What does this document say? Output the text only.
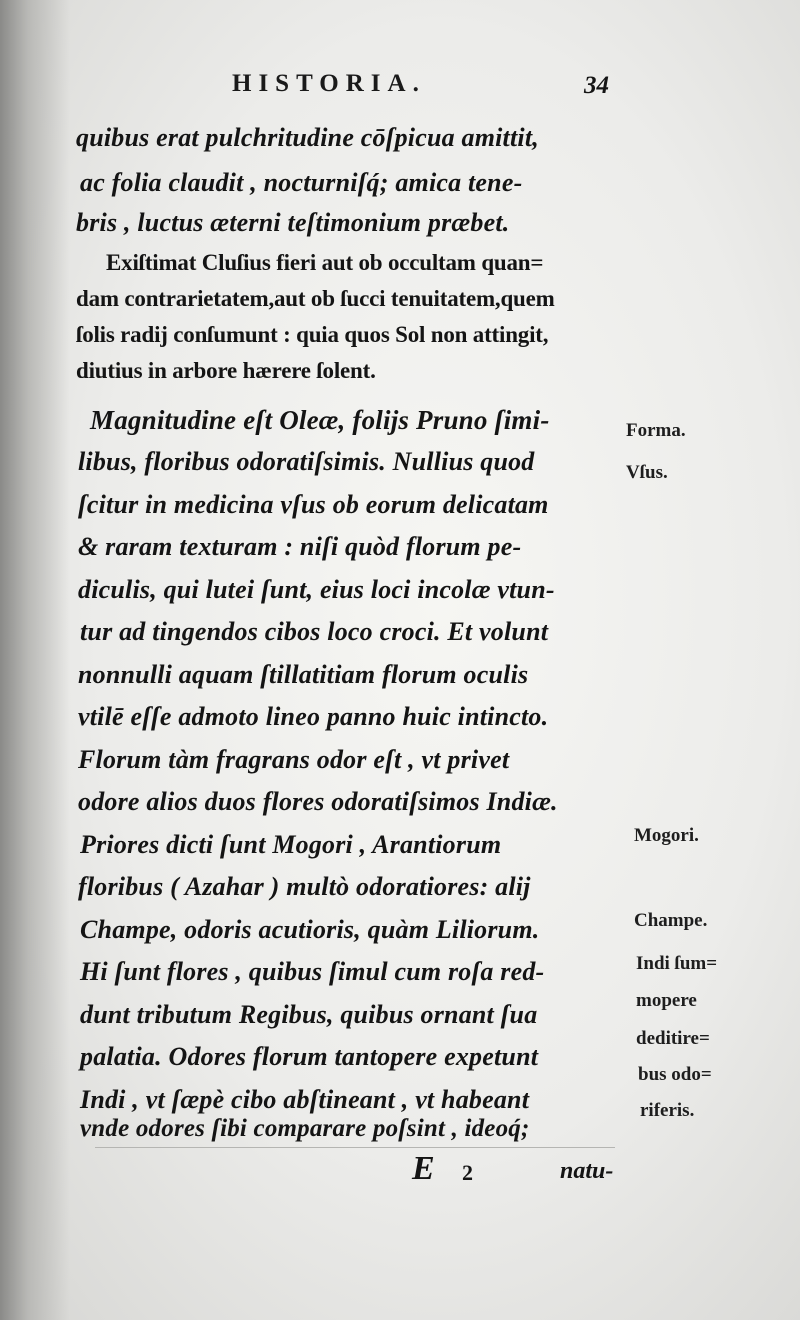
HISTORIA.	34
quibus erat pulchritudine cōſpicua amittit,
ac folia claudit , nocturniſq́; amica tene-
bris , luctus æterni teſtimonium præbet.
Exiſtimat Cluſius fieri aut ob occultam quan=
dam contrarietatem,aut ob ſucci tenuitatem,quem
ſolis radij conſumunt : quia quos Sol non attingit,
diutius in arbore hærere ſolent.
Magnitudine eſt Oleæ, folijs Pruno ſimi-
libus, floribus odoratiſsimis. Nullius quod
ſcitur in medicina vſus ob eorum delicatam
& raram texturam : niſi quòd florum pe-
diculis, qui lutei ſunt, eius loci incolæ vtun-
tur ad tingendos cibos loco croci. Et volunt
nonnulli aquam ſtillatitiam florum oculis
vtilē eſſe admoto lineo panno huic intincto.
Florum tàm fragrans odor eſt , vt privet
odore alios duos flores odoratiſsimos Indiæ.
Priores dicti ſunt Mogori , Arantiorum
floribus ( Azahar ) multò odoratiores: alij
Champe, odoris acutioris, quàm Liliorum.
Hi ſunt flores , quibus ſimul cum roſa red-
dunt tributum Regibus, quibus ornant ſua
palatia. Odores florum tantopere expetunt
Indi , vt ſæpè cibo abſtineant , vt habeant
vnde odores ſibi comparare poſsint , ideoq́;
Forma.
Vſus.
Mogori.
Champe.
Indi ſum=
mopere
deditire=
bus odo=
riferis.
E 2	natu-
